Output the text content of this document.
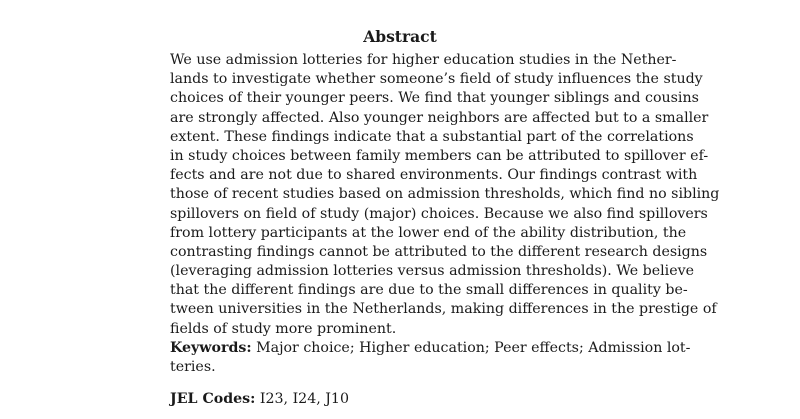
Abstract
We use admission lotteries for higher education studies in the Nether-
lands to investigate whether someone’s field of study influences the study
choices of their younger peers. We find that younger siblings and cousins
are strongly affected. Also younger neighbors are affected but to a smaller
extent. These findings indicate that a substantial part of the correlations
in study choices between family members can be attributed to spillover ef-
fects and are not due to shared environments. Our findings contrast with
those of recent studies based on admission thresholds, which find no sibling
spillovers on field of study (major) choices. Because we also find spillovers
from lottery participants at the lower end of the ability distribution, the
contrasting findings cannot be attributed to the different research designs
(leveraging admission lotteries versus admission thresholds). We believe
that the different findings are due to the small differences in quality be-
tween universities in the Netherlands, making differences in the prestige of
fields of study more prominent.
Keywords: Major choice; Higher education; Peer effects; Admission lot-
teries.
JEL Codes: I23, I24, J10
